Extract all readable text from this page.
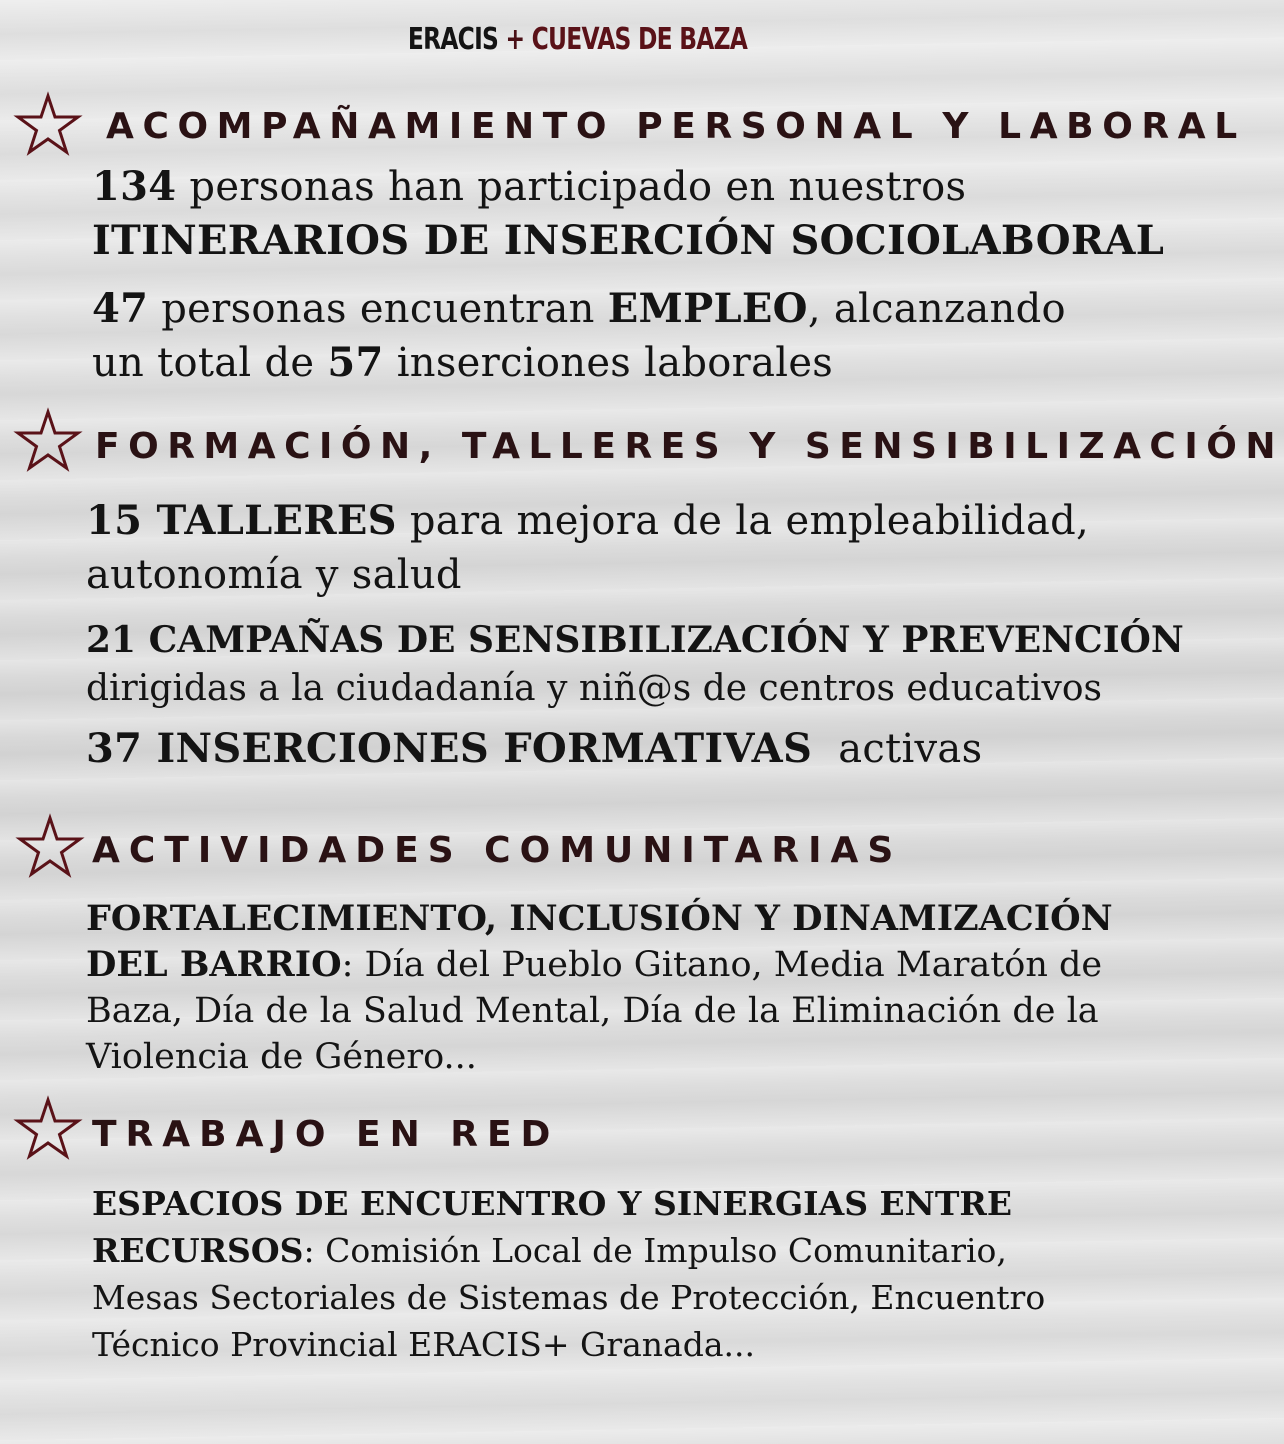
ERACIS + CUEVAS DE BAZA
ACOMPAÑAMIENTO PERSONAL Y LABORAL
134 personas han participado en nuestros
ITINERARIOS DE INSERCIÓN SOCIOLABORAL
47 personas encuentran EMPLEO, alcanzando
un total de 57 inserciones laborales
FORMACIÓN, TALLERES Y SENSIBILIZACIÓN
15 TALLERES para mejora de la empleabilidad,
autonomía y salud
21 CAMPAÑAS DE SENSIBILIZACIÓN Y PREVENCIÓN
dirigidas a la ciudadanía y niñ@s de centros educativos
37 INSERCIONES FORMATIVAS  activas
ACTIVIDADES COMUNITARIAS
FORTALECIMIENTO, INCLUSIÓN Y DINAMIZACIÓN
DEL BARRIO: Día del Pueblo Gitano, Media Maratón de
Baza, Día de la Salud Mental, Día de la Eliminación de la
Violencia de Género...
TRABAJO EN RED
ESPACIOS DE ENCUENTRO Y SINERGIAS ENTRE
RECURSOS: Comisión Local de Impulso Comunitario,
Mesas Sectoriales de Sistemas de Protección, Encuentro
Técnico Provincial ERACIS+ Granada...
